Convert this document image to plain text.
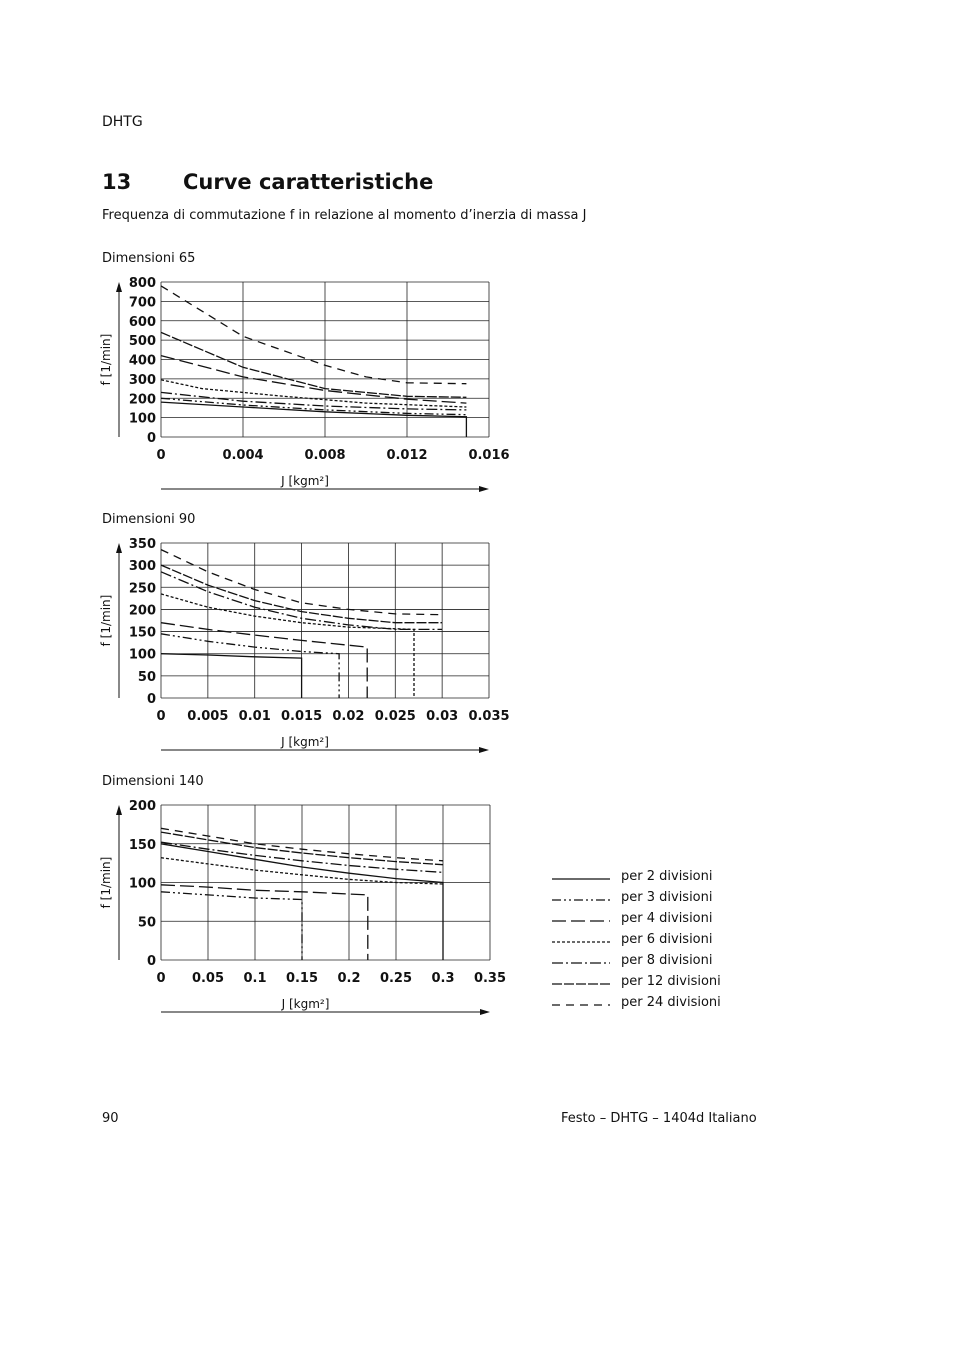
DHTG
13 Curve caratteristiche
Frequenza di commutazione f in relazione al momento d’inerzia di massa J
Dimensioni 65
Dimensioni 90
Dimensioni 140
0	0.004	0.008	0.012	0.016
0
100
200
300
400
500
600
700
800
f [1/min]
J [kgm²]
0 0.005 0.01 0.015 0.02 0.025 0.03 0.035
0
50
100
150
200
250
300
350
f [1/min]
J [kgm²]
0 0.05 0.1 0.15 0.2 0.25 0.3 0.35
0
50
100
150
200
f [1/min]
J [kgm²]
per 2 divisioni
per 3 divisioni
per 4 divisioni
per 6 divisioni
per 8 divisioni
per 12 divisioni
per 24 divisioni
90	Festo – DHTG – 1404d Italiano
